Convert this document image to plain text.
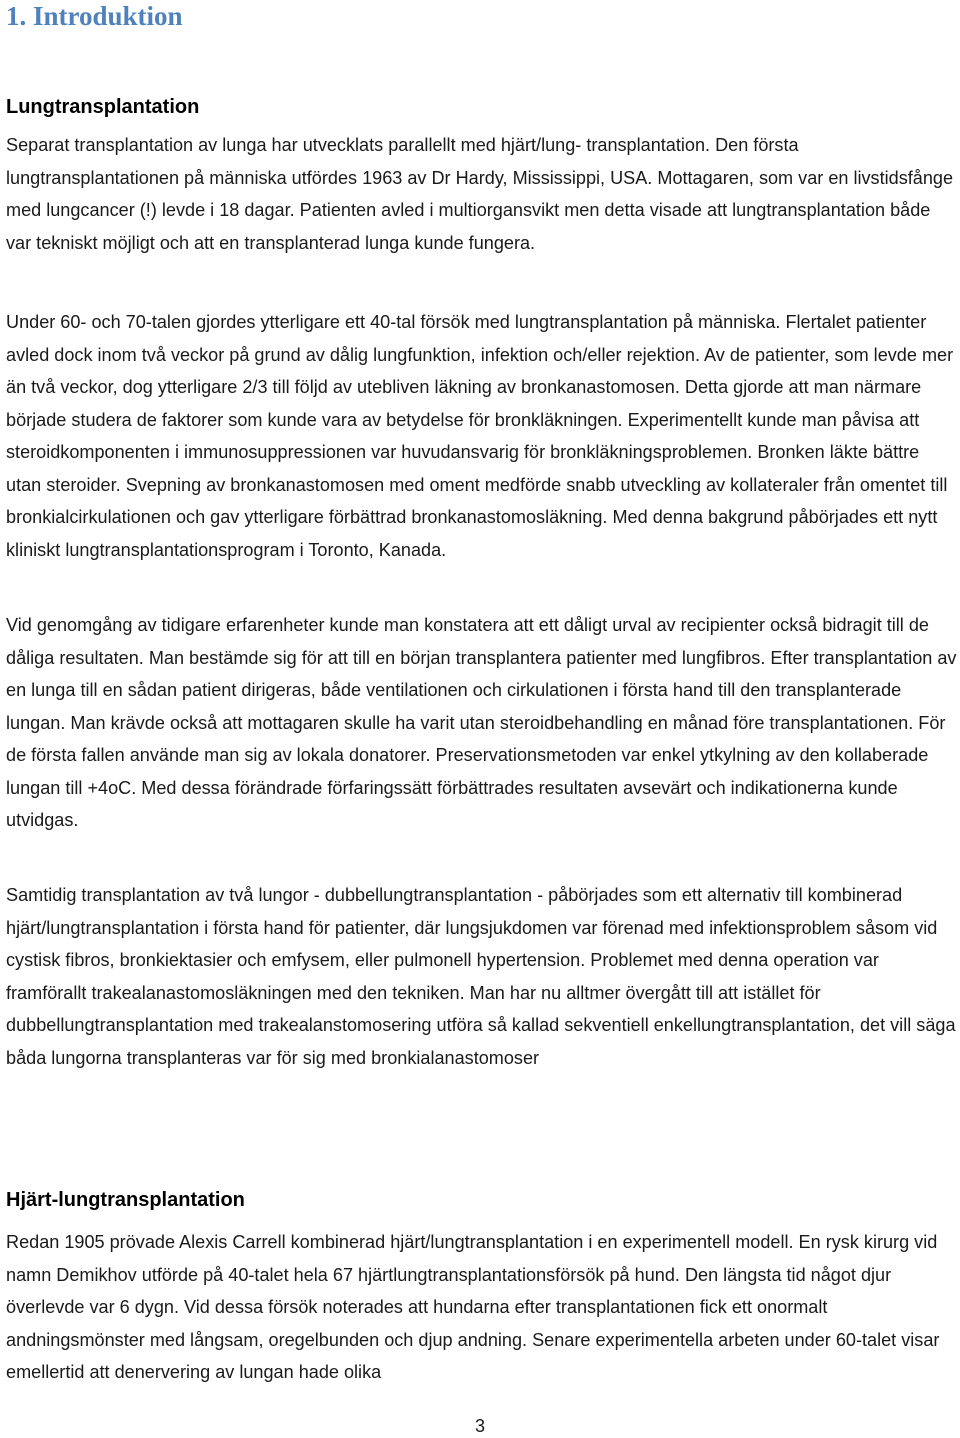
1. Introduktion
Lungtransplantation

Separat transplantation av lunga har utvecklats parallellt med hjärt/lung- transplantation. Den första lungtransplantationen på människa utfördes 1963 av Dr Hardy, Mississippi, USA. Mottagaren, som var en livstidsfånge med lungcancer (!) levde i 18 dagar. Patienten avled i multiorgansvikt men detta visade att lungtransplantation både var tekniskt möjligt och att en transplanterad lunga kunde fungera.

Under 60- och 70-talen gjordes ytterligare ett 40-tal försök med lungtransplantation på människa. Flertalet patienter avled dock inom två veckor på grund av dålig lungfunktion, infektion och/eller rejektion. Av de patienter, som levde mer än två veckor, dog ytterligare 2/3 till följd av utebliven läkning av bronkanastomosen. Detta gjorde att man närmare började studera de faktorer som kunde vara av betydelse för bronkläkningen. Experimentellt kunde man påvisa att steroidkomponenten i immunosuppressionen var huvudansvarig för bronkläkningsproblemen. Bronken läkte bättre utan steroider. Svepning av bronkanastomosen med oment medförde snabb utveckling av kollateraler från omentet till bronkialcirkulationen och gav ytterligare förbättrad bronkanastomosläkning. Med denna bakgrund påbörjades ett nytt kliniskt lungtransplantationsprogram i Toronto, Kanada.

Vid genomgång av tidigare erfarenheter kunde man konstatera att ett dåligt urval av recipienter också bidragit till de dåliga resultaten. Man bestämde sig för att till en början transplantera patienter med lungfibros. Efter transplantation av en lunga till en sådan patient dirigeras, både ventilationen och cirkulationen i första hand till den transplanterade lungan. Man krävde också att mottagaren skulle ha varit utan steroidbehandling en månad före transplantationen. För de första fallen använde man sig av lokala donatorer. Preservationsmetoden var enkel ytkylning av den kollaberade lungan till +4oC. Med dessa förändrade förfaringssätt förbättrades resultaten avsevärt och indikationerna kunde utvidgas.

Samtidig transplantation av två lungor - dubbellungtransplantation - påbörjades som ett alternativ till kombinerad hjärt/lungtransplantation i första hand för patienter, där lungsjukdomen var förenad med infektionsproblem såsom vid cystisk fibros, bronkiektasier och emfysem, eller pulmonell hypertension. Problemet med denna operation var framförallt trakealanastomosläkningen med den tekniken. Man har nu alltmer övergått till att istället för dubbellungtransplantation med trakealanstomosering utföra så kallad sekventiell enkellungtransplantation, det vill säga båda lungorna transplanteras var för sig med bronkialanastomoser

Hjärt-lungtransplantation

Redan 1905 prövade Alexis Carrell kombinerad hjärt/lungtransplantation i en experimentell modell. En rysk kirurg vid namn Demikhov utförde på 40-talet hela 67 hjärtlungtransplantationsförsök på hund. Den längsta tid något djur överlevde var 6 dygn. Vid dessa försök noterades att hundarna efter transplantationen fick ett onormalt andningsmönster med långsam, oregelbunden och djup andning. Senare experimentella arbeten under 60-talet visar emellertid att denervering av lungan hade olika

3
